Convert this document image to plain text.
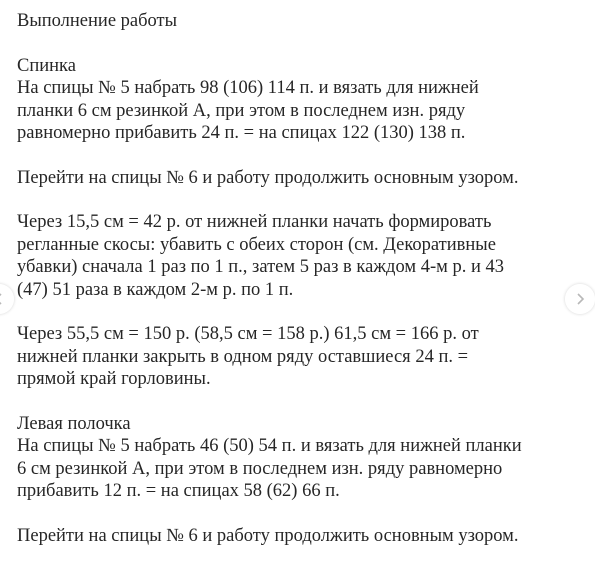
Выполнение работы
Спинка
На спицы № 5 набрать 98 (106) 114 п. и вязать для нижней
планки 6 см резинкой А, при этом в последнем изн. ряду
равномерно прибавить 24 п. = на спицах 122 (130) 138 п.
Перейти на спицы № 6 и работу продолжить основным узором.
Через 15,5 см = 42 р. от нижней планки начать формировать
регланные скосы: убавить с обеих сторон (см. Декоративные
убавки) сначала 1 раз по 1 п., затем 5 раз в каждом 4-м р. и 43
(47) 51 раза в каждом 2-м р. по 1 п.
Через 55,5 см = 150 р. (58,5 см = 158 р.) 61,5 см = 166 р. от
нижней планки закрыть в одном ряду оставшиеся 24 п. =
прямой край горловины.
Левая полочка
На спицы № 5 набрать 46 (50) 54 п. и вязать для нижней планки
6 см резинкой А, при этом в последнем изн. ряду равномерно
прибавить 12 п. = на спицах 58 (62) 66 п.
Перейти на спицы № 6 и работу продолжить основным узором.
